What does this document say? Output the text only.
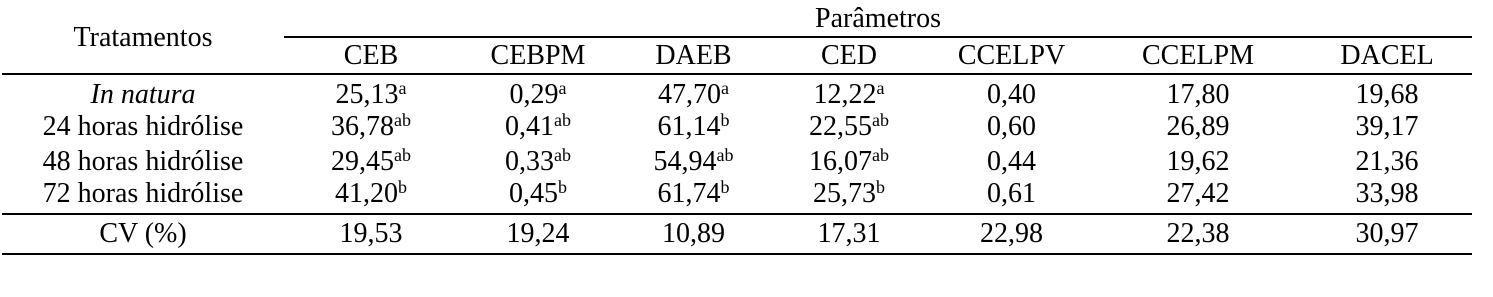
Tratamentos	Parâmetros						
	CEB	CEBPM	DAEB	CED	CCELPV	CCELPM	DACEL
In natura	25,13$^a$	0,29$^a$	47,70$^a$	12,22$^a$	0,40	17,80	19,68
24 horas hidrólise	36,78$^{ab}$	0,41$^{ab}$	61,14$^b$	22,55$^{ab}$	0,60	26,89	39,17
48 horas hidrólise	29,45$^{ab}$	0,33$^{ab}$	54,94$^{ab}$	16,07$^{ab}$	0,44	19,62	21,36
72 horas hidrólise	41,20$^b$	0,45$^b$	61,74$^b$	25,73$^b$	0,61	27,42	33,98
CV (%)	19,53	19,24	10,89	17,31	22,98	22,38	30,97
